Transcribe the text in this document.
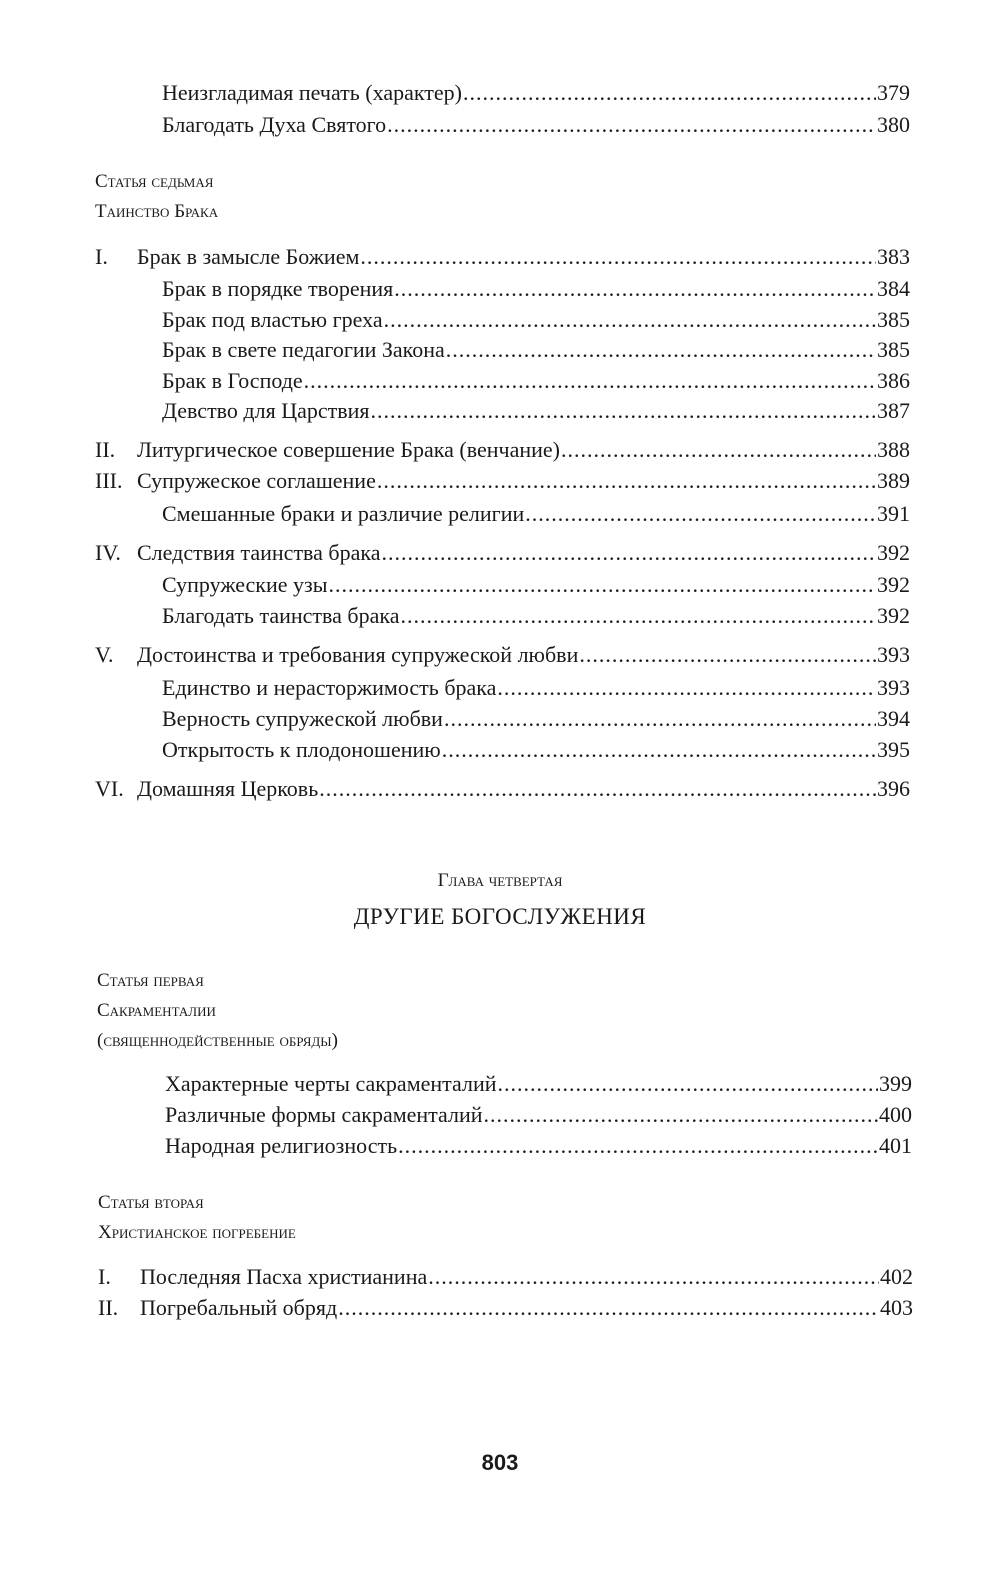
Неизгладимая печать (характер) .....	379
Благодать Духа Святого .....	380
Статья седьмая
Таинство Брака
I.	Брак в замысле Божием .....	383
Брак в порядке творения .....	384
Брак под властью греха .....	385
Брак в свете педагогии Закона .....	385
Брак в Господе .....	386
Девство для Царствия .....	387
II. Литургическое совершение Брака (венчание) .....	388
III. Супружеское соглашение .....	389
Смешанные браки и различие религии .....	391
IV. Следствия таинства брака .....	392
Супружеские узы .....	392
Благодать таинства брака .....	392
V.	Достоинства и требования супружеской любви .....	393
Единство и нерасторжимость брака .....	393
Верность супружеской любви .....	394
Открытость к плодоношению .....	395
VI. Домашняя Церковь .....	396
Глава четвертая
ДРУГИЕ БОГОСЛУЖЕНИЯ
Статья первая
Сакраменталии
(священнодейственные обряды)
Характерные черты сакраменталий .....	399
Различные формы сакраменталий .....	400
Народная религиозность .....	401
Статья вторая
Христианское погребение
I.	Последняя Пасха христианина .....	402
II. Погребальный обряд .....	403
803
